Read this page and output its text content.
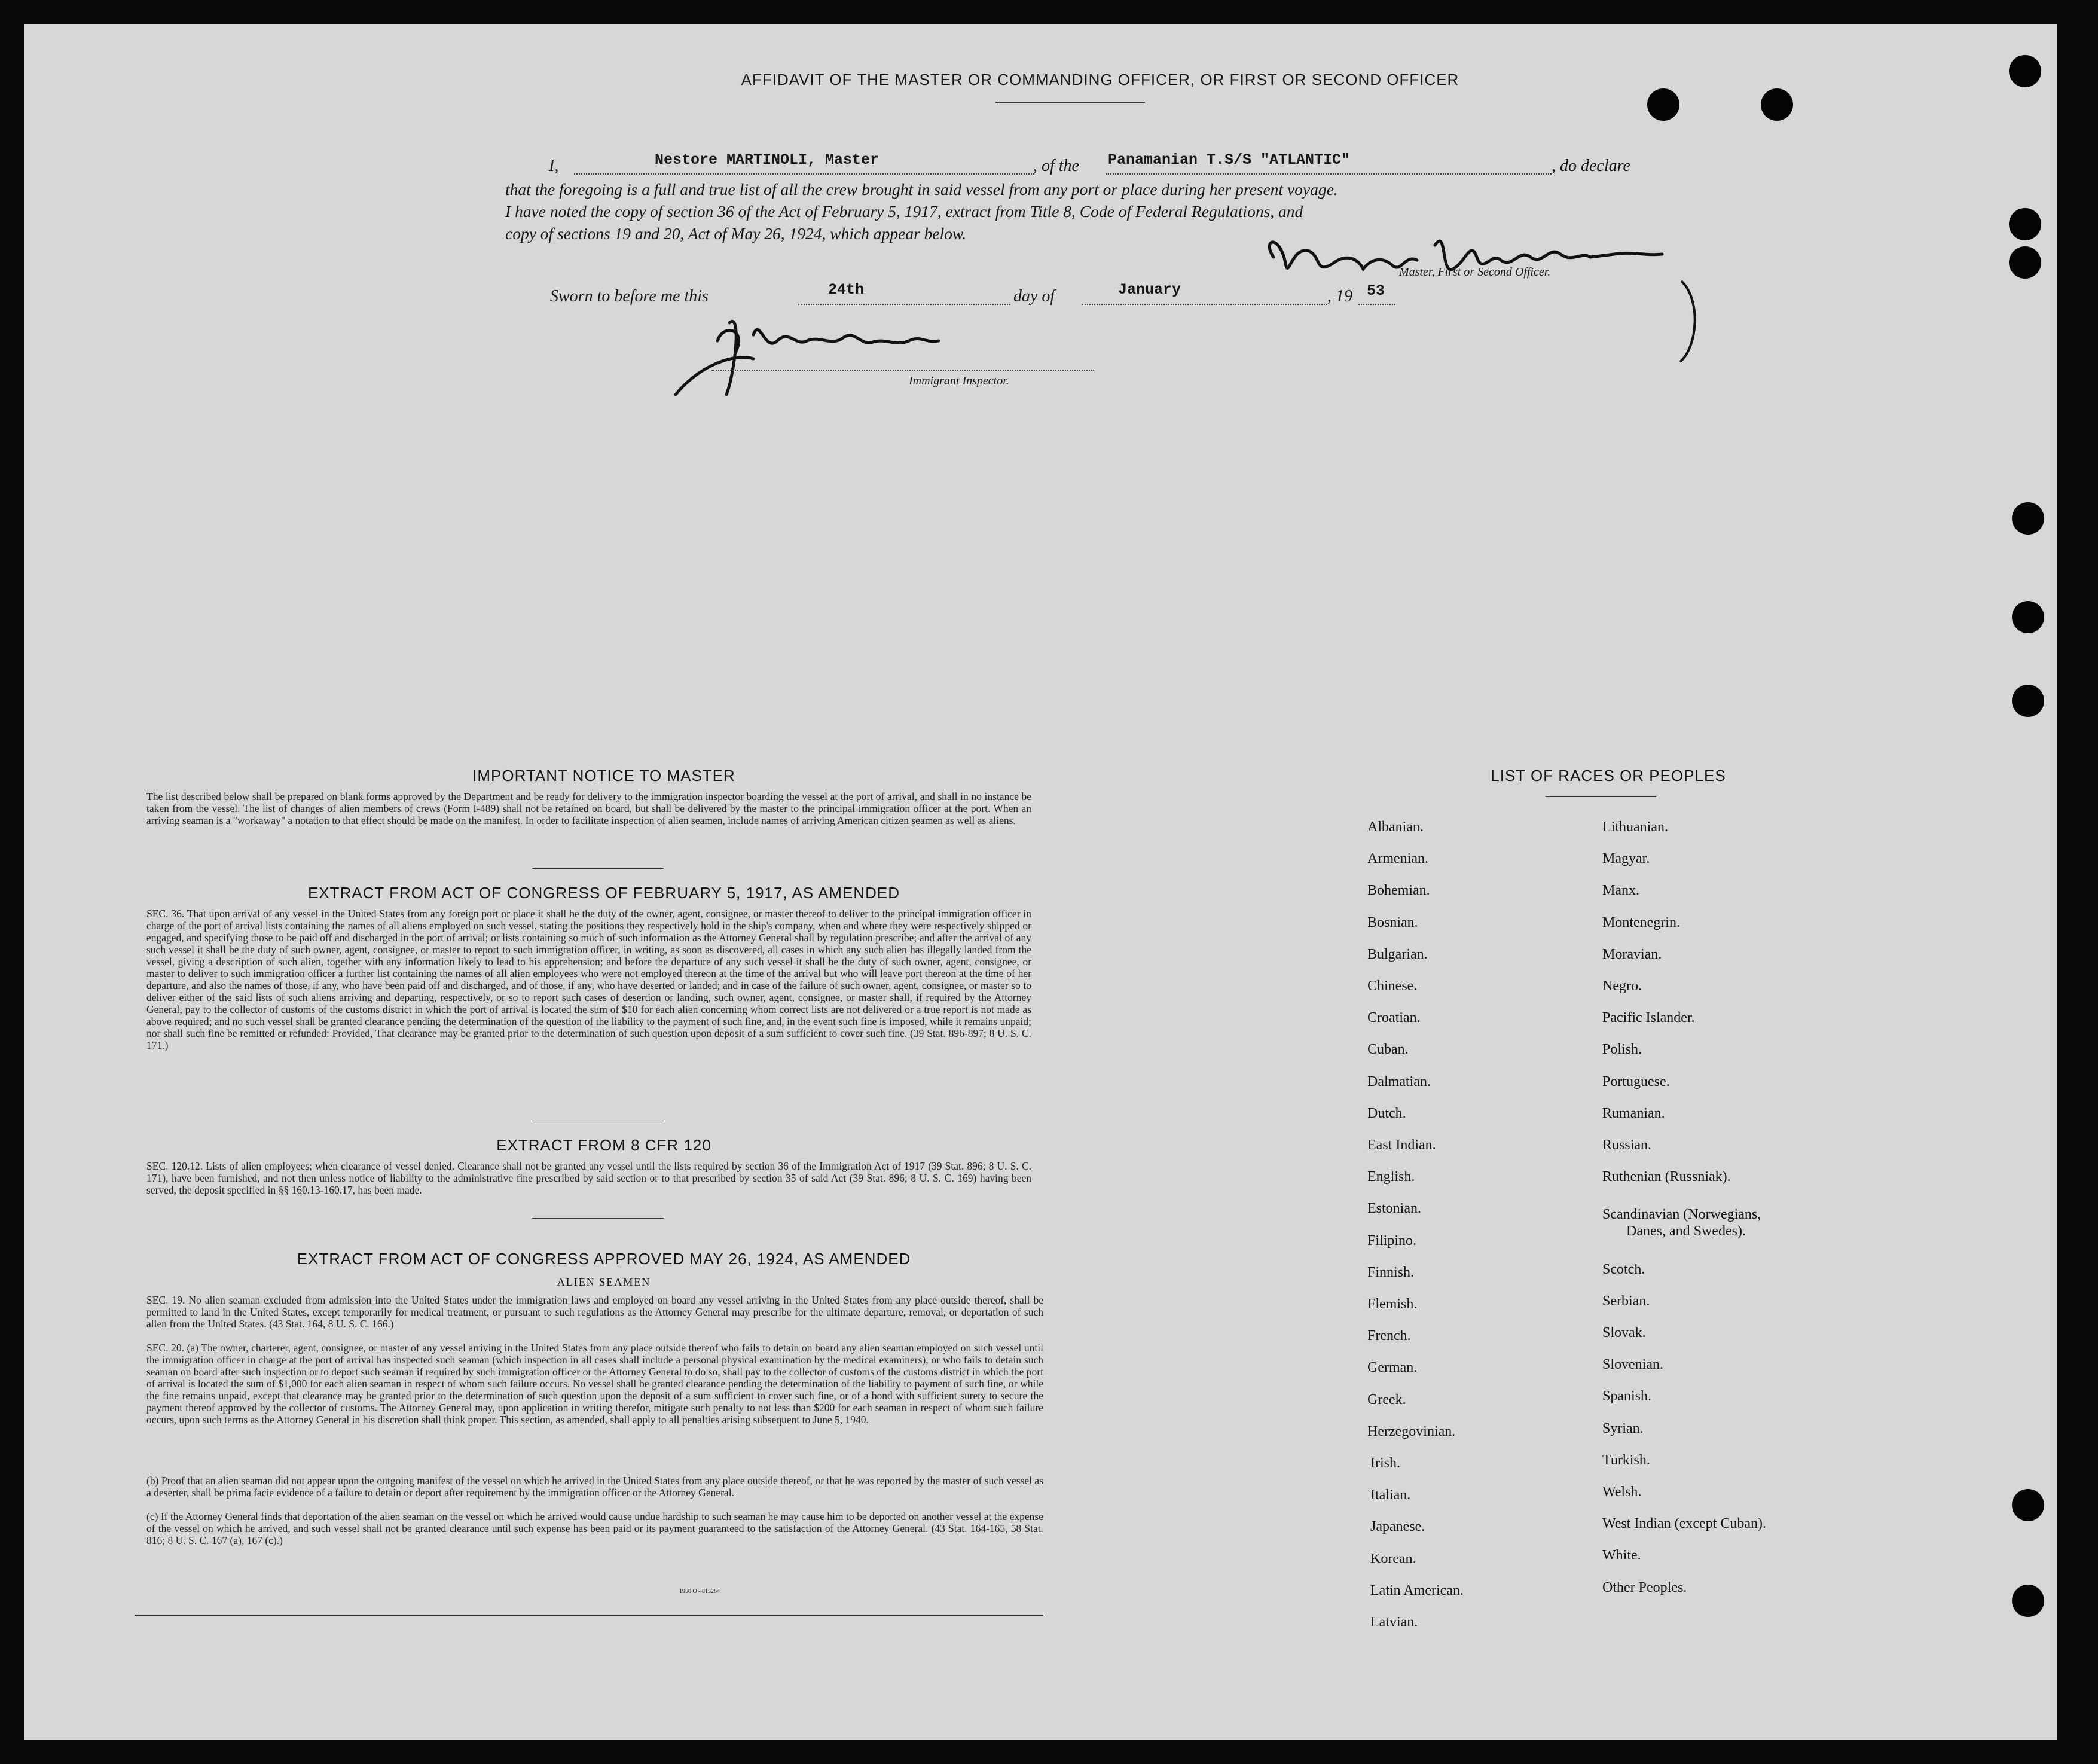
AFFIDAVIT OF THE MASTER OR COMMANDING OFFICER, OR FIRST OR SECOND OFFICER
I,	Nestore MARTINOLI, Master	, of the Panamanian T.S/S "ATLANTIC"	, do declare
that the foregoing is a full and true list of all the crew brought in said vessel from any port or place during her present voyage.
I have noted the copy of section 36 of the Act of February 5, 1917, extract from Title 8, Code of Federal Regulations, and
copy of sections 19 and 20, Act of May 26, 1924, which appear below.
Master, First or Second Officer.
Sworn to before me this	24th	day of	January	, 19 53
Immigrant Inspector.
IMPORTANT NOTICE TO MASTER
The list described below shall be prepared on blank forms approved by the Department and be ready for delivery to the immigration inspector boarding the vessel at the port of arrival, and shall in no instance be taken from the vessel. The list of changes of alien members of crews (Form I-489) shall not be retained on board, but shall be delivered by the master to the principal immigration officer at the port. When an arriving seaman is a "workaway" a notation to that effect should be made on the manifest. In order to facilitate inspection of alien seamen, include names of arriving American citizen seamen as well as aliens.
EXTRACT FROM ACT OF CONGRESS OF FEBRUARY 5, 1917, AS AMENDED
SEC. 36. That upon arrival of any vessel in the United States from any foreign port or place it shall be the duty of the owner, agent, consignee, or master thereof to deliver to the principal immigration officer in charge of the port of arrival lists containing the names of all aliens employed on such vessel, stating the positions they respectively hold in the ship's company, when and where they were respectively shipped or engaged, and specifying those to be paid off and discharged in the port of arrival; or lists containing so much of such information as the Attorney General shall by regulation prescribe; and after the arrival of any such vessel it shall be the duty of such owner, agent, consignee, or master to report to such immigration officer, in writing, as soon as discovered, all cases in which any such alien has illegally landed from the vessel, giving a description of such alien, together with any information likely to lead to his apprehension; and before the departure of any such vessel it shall be the duty of such owner, agent, consignee, or master to deliver to such immigration officer a further list containing the names of all alien employees who were not employed thereon at the time of the arrival but who will leave port thereon at the time of her departure, and also the names of those, if any, who have been paid off and discharged, and of those, if any, who have deserted or landed; and in case of the failure of such owner, agent, consignee, or master so to deliver either of the said lists of such aliens arriving and departing, respectively, or so to report such cases of desertion or landing, such owner, agent, consignee, or master shall, if required by the Attorney General, pay to the collector of customs of the customs district in which the port of arrival is located the sum of $10 for each alien concerning whom correct lists are not delivered or a true report is not made as above required; and no such vessel shall be granted clearance pending the determination of the question of the liability to the payment of such fine, and, in the event such fine is imposed, while it remains unpaid; nor shall such fine be remitted or refunded: Provided, That clearance may be granted prior to the determination of such question upon deposit of a sum sufficient to cover such fine. (39 Stat. 896-897; 8 U. S. C. 171.)
EXTRACT FROM 8 CFR 120
SEC. 120.12. Lists of alien employees; when clearance of vessel denied. Clearance shall not be granted any vessel until the lists required by section 36 of the Immigration Act of 1917 (39 Stat. 896; 8 U. S. C. 171), have been furnished, and not then unless notice of liability to the administrative fine prescribed by said section or to that prescribed by section 35 of said Act (39 Stat. 896; 8 U. S. C. 169) having been served, the deposit specified in §§ 160.13-160.17, has been made.
EXTRACT FROM ACT OF CONGRESS APPROVED MAY 26, 1924, AS AMENDED
ALIEN SEAMEN
SEC. 19. No alien seaman excluded from admission into the United States under the immigration laws and employed on board any vessel arriving in the United States from any place outside thereof, shall be permitted to land in the United States, except temporarily for medical treatment, or pursuant to such regulations as the Attorney General may prescribe for the ultimate departure, removal, or deportation of such alien from the United States. (43 Stat. 164, 8 U. S. C. 166.)
SEC. 20. (a) The owner, charterer, agent, consignee, or master of any vessel arriving in the United States from any place outside thereof who fails to detain on board any alien seaman employed on such vessel until the immigration officer in charge at the port of arrival has inspected such seaman (which inspection in all cases shall include a personal physical examination by the medical examiners), or who fails to detain such seaman on board after such inspection or to deport such seaman if required by such immigration officer or the Attorney General to do so, shall pay to the collector of customs of the customs district in which the port of arrival is located the sum of $1,000 for each alien seaman in respect of whom such failure occurs. No vessel shall be granted clearance pending the determination of the liability to payment of such fine, or while the fine remains unpaid, except that clearance may be granted prior to the determination of such question upon the deposit of a sum sufficient to cover such fine, or of a bond with sufficient surety to secure the payment thereof approved by the collector of customs. The Attorney General may, upon application in writing therefor, mitigate such penalty to not less than $200 for each seaman in respect of whom such failure occurs, upon such terms as the Attorney General in his discretion shall think proper. This section, as amended, shall apply to all penalties arising subsequent to June 5, 1940.
(b) Proof that an alien seaman did not appear upon the outgoing manifest of the vessel on which he arrived in the United States from any place outside thereof, or that he was reported by the master of such vessel as a deserter, shall be prima facie evidence of a failure to detain or deport after requirement by the immigration officer or the Attorney General.
(c) If the Attorney General finds that deportation of the alien seaman on the vessel on which he arrived would cause undue hardship to such seaman he may cause him to be deported on another vessel at the expense of the vessel on which he arrived, and such vessel shall not be granted clearance until such expense has been paid or its payment guaranteed to the satisfaction of the Attorney General. (43 Stat. 164-165, 58 Stat. 816; 8 U. S. C. 167 (a), 167 (c).)
1950 O - 815264
LIST OF RACES OR PEOPLES
Albanian.
Armenian.
Bohemian.
Bosnian.
Bulgarian.
Chinese.
Croatian.
Cuban.
Dalmatian.
Dutch.
East Indian.
English.
Estonian.
Filipino.
Finnish.
Flemish.
French.
German.
Greek.
Herzegovinian.
Irish.
Italian.
Japanese.
Korean.
Latin American.
Latvian.
Lithuanian.
Magyar.
Manx.
Montenegrin.
Moravian.
Negro.
Pacific Islander.
Polish.
Portuguese.
Rumanian.
Russian.
Ruthenian (Russniak).
Scandinavian (Norwegians,
Danes, and Swedes).
Scotch.
Serbian.
Slovak.
Slovenian.
Spanish.
Syrian.
Turkish.
Welsh.
West Indian (except Cuban).
White.
Other Peoples.
